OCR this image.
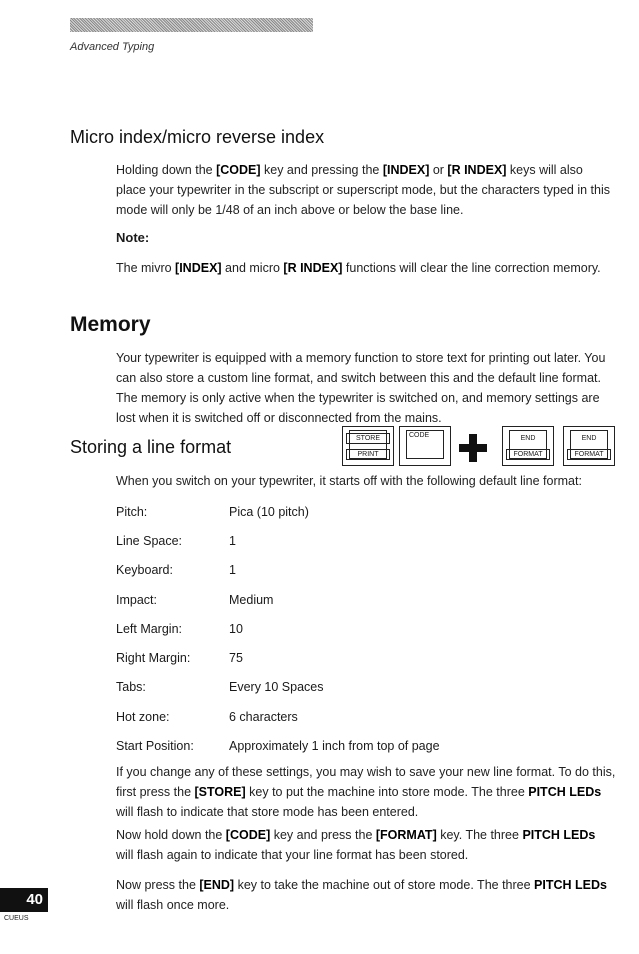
Advanced Typing
Micro index/micro reverse index
Holding down the [CODE] key and pressing the [INDEX] or [R INDEX] keys will also place your typewriter in the subscript or superscript mode, but the characters typed in this mode will only be 1/48 of an inch above or below the base line.
Note:
The mivro [INDEX] and micro [R INDEX] functions will clear the line correction memory.
Memory
Your typewriter is equipped with a memory function to store text for printing out later. You can also store a custom line format, and switch between this and the default line format. The memory is only active when the typewriter is switched on, and memory settings are lost when it is switched off or disconnected from the mains.
Storing a line format	STORE
PRINT
CODE	END
FORMAT
END
FORMAT
When you switch on your typewriter, it starts off with the following default line format:
Pitch:	Pica (10 pitch)
Line Space:	1
Keyboard:	1
Impact:	Medium
Left Margin:	10
Right Margin:	75
Tabs:	Every 10 Spaces
Hot zone:	6 characters
Start Position:	Approximately 1 inch from top of page
If you change any of these settings, you may wish to save your new line format. To do this, first press the [STORE] key to put the machine into store mode. The three PITCH LEDs will flash to indicate that store mode has been entered.
Now hold down the [CODE] key and press the [FORMAT] key. The three PITCH LEDs will flash again to indicate that your line format has been stored.
Now press the [END] key to take the machine out of store mode. The three PITCH LEDs will flash once more.
40
CUEUS
